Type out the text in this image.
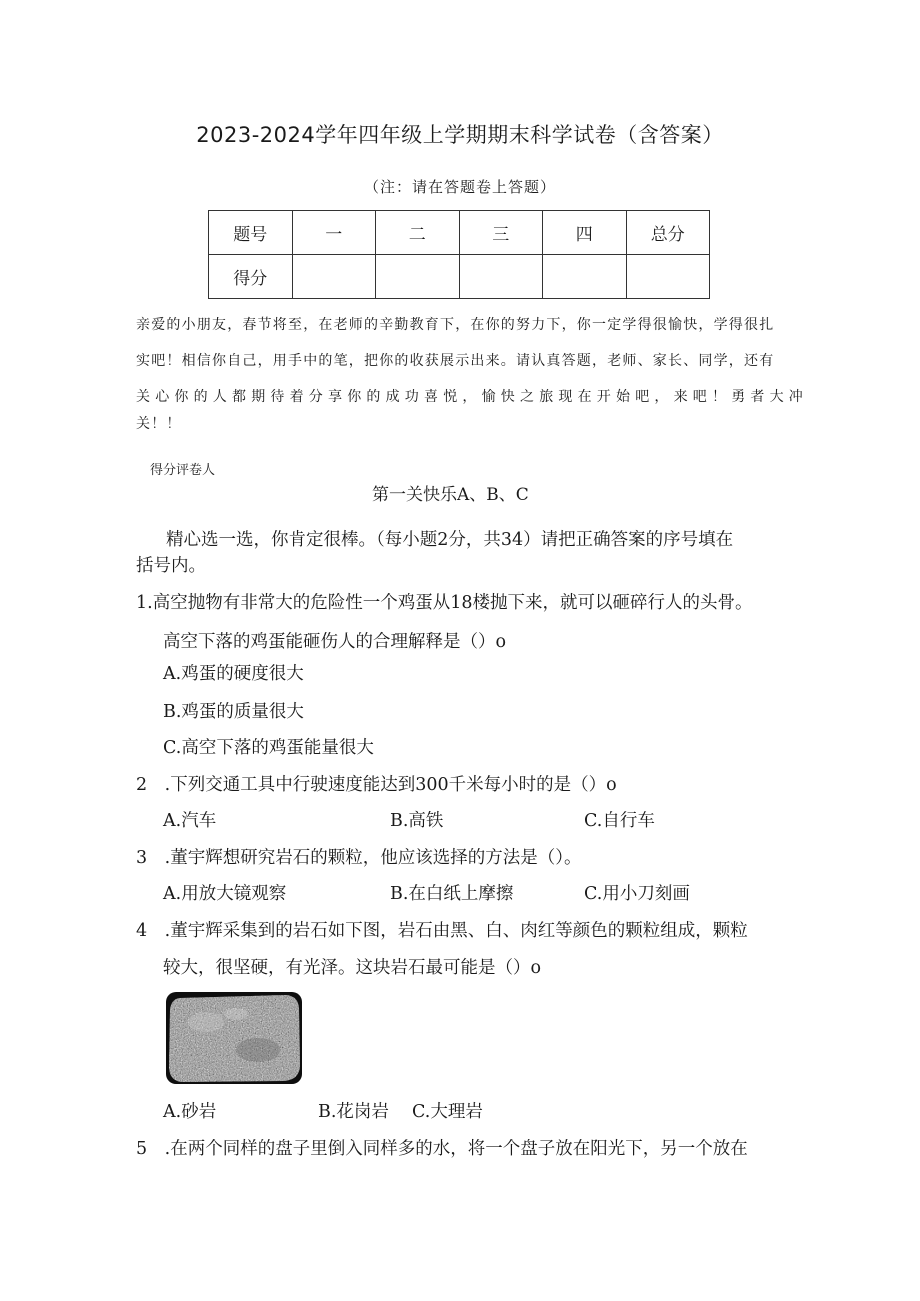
2023-2024学年四年级上学期期末科学试卷（含答案）
（注：请在答题卷上答题）
题号	一	二	三	四	总分
得分					
亲爱的小朋友，春节将至，在老师的辛勤教育下，在你的努力下，你一定学得很愉快，学得很扎
实吧！相信你自己，用手中的笔，把你的收获展示出来。请认真答题，老师、家长、同学，还有
关心你的人都期待着分享你的成功喜悦，愉快之旅现在开始吧，来吧！勇者大冲
关！！
得分评卷人
第一关快乐A、B、C
精心选一选，你肯定很棒。（每小题2分，共34）请把正确答案的序号填在
括号内。
1.高空抛物有非常大的危险性一个鸡蛋从18楼抛下来，就可以砸碎行人的头骨。
高空下落的鸡蛋能砸伤人的合理解释是（）o
A.鸡蛋的硬度很大
B.鸡蛋的质量很大
C.高空下落的鸡蛋能量很大
2　.下列交通工具中行驶速度能达到300千米每小时的是（）o
A.汽车	B.高铁	C.自行车
3　.董宇辉想研究岩石的颗粒，他应该选择的方法是（）。
A.用放大镜观察	B.在白纸上摩擦	C.用小刀刻画
4　.董宇辉采集到的岩石如下图，岩石由黑、白、肉红等颜色的颗粒组成，颗粒
较大，很坚硬，有光泽。这块岩石最可能是（）o
A.砂岩	B.花岗岩 C.大理岩
5　.在两个同样的盘子里倒入同样多的水，将一个盘子放在阳光下，另一个放在
